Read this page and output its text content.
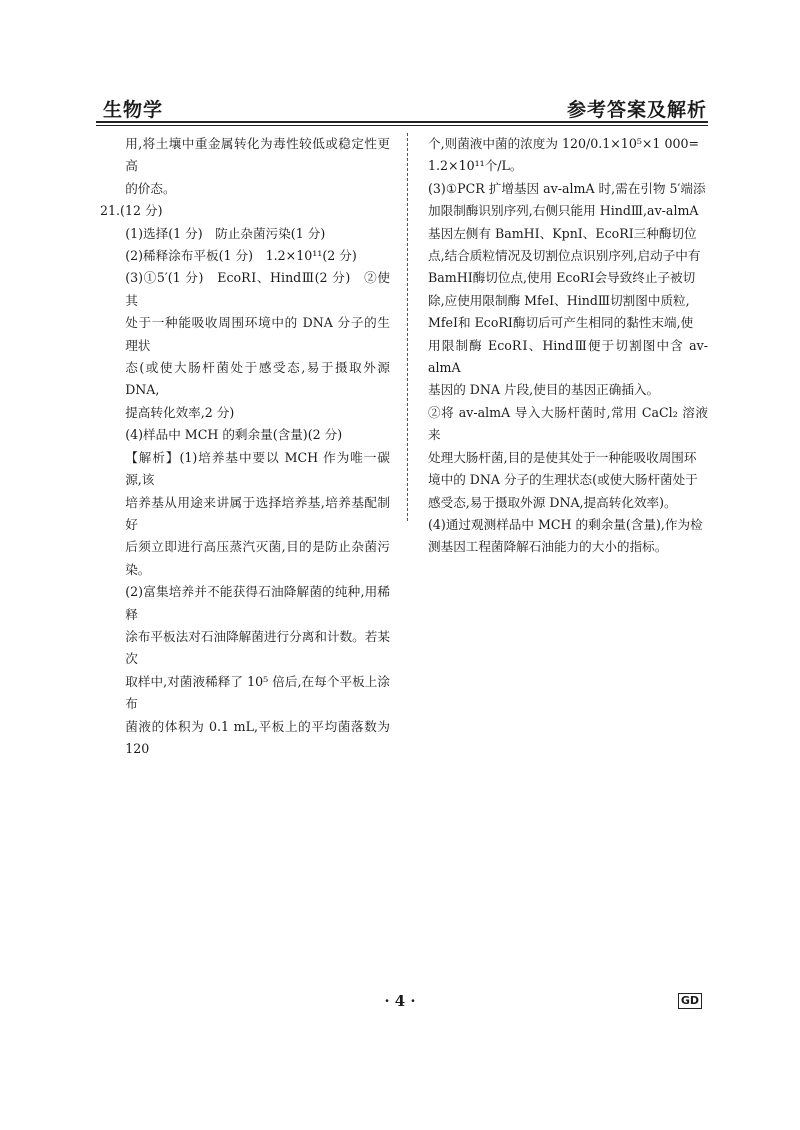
生物学	参考答案及解析

用,将土壤中重金属转化为毒性较低或稳定性更高

的价态。

21.(12 分)

(1)选择(1 分)　防止杂菌污染(1 分)

(2)稀释涂布平板(1 分)　1.2×10¹¹(2 分)

(3)①5′(1 分)　EcoRⅠ、HindⅢ(2 分)　②使其

处于一种能吸收周围环境中的 DNA 分子的生理状

态(或使大肠杆菌处于感受态,易于摄取外源 DNA,

提高转化效率,2 分)

(4)样品中 MCH 的剩余量(含量)(2 分)

【解析】(1)培养基中要以 MCH 作为唯一碳源,该

培养基从用途来讲属于选择培养基,培养基配制好

后须立即进行高压蒸汽灭菌,目的是防止杂菌污染。

(2)富集培养并不能获得石油降解菌的纯种,用稀释

涂布平板法对石油降解菌进行分离和计数。若某次

取样中,对菌液稀释了 10⁵ 倍后,在每个平板上涂布

菌液的体积为 0.1 mL,平板上的平均菌落数为 120

个,则菌液中菌的浓度为 120/0.1×10⁵×1 000=

1.2×10¹¹个/L。

(3)①PCR 扩增基因 av-almA 时,需在引物 5′端添

加限制酶识别序列,右侧只能用 HindⅢ,av-almA

基因左侧有 BamHⅠ、KpnⅠ、EcoRⅠ三种酶切位

点,结合质粒情况及切割位点识别序列,启动子中有

BamHⅠ酶切位点,使用 EcoRⅠ会导致终止子被切

除,应使用限制酶 MfeⅠ、HindⅢ切割图中质粒,

MfeⅠ和 EcoRⅠ酶切后可产生相同的黏性末端,使

用限制酶 EcoRⅠ、HindⅢ便于切割图中含 av-almA

基因的 DNA 片段,使目的基因正确插入。

②将 av-almA 导入大肠杆菌时,常用 CaCl₂ 溶液来

处理大肠杆菌,目的是使其处于一种能吸收周围环

境中的 DNA 分子的生理状态(或使大肠杆菌处于

感受态,易于摄取外源 DNA,提高转化效率)。

(4)通过观测样品中 MCH 的剩余量(含量),作为检

测基因工程菌降解石油能力的大小的指标。

· 4 ·	GD
